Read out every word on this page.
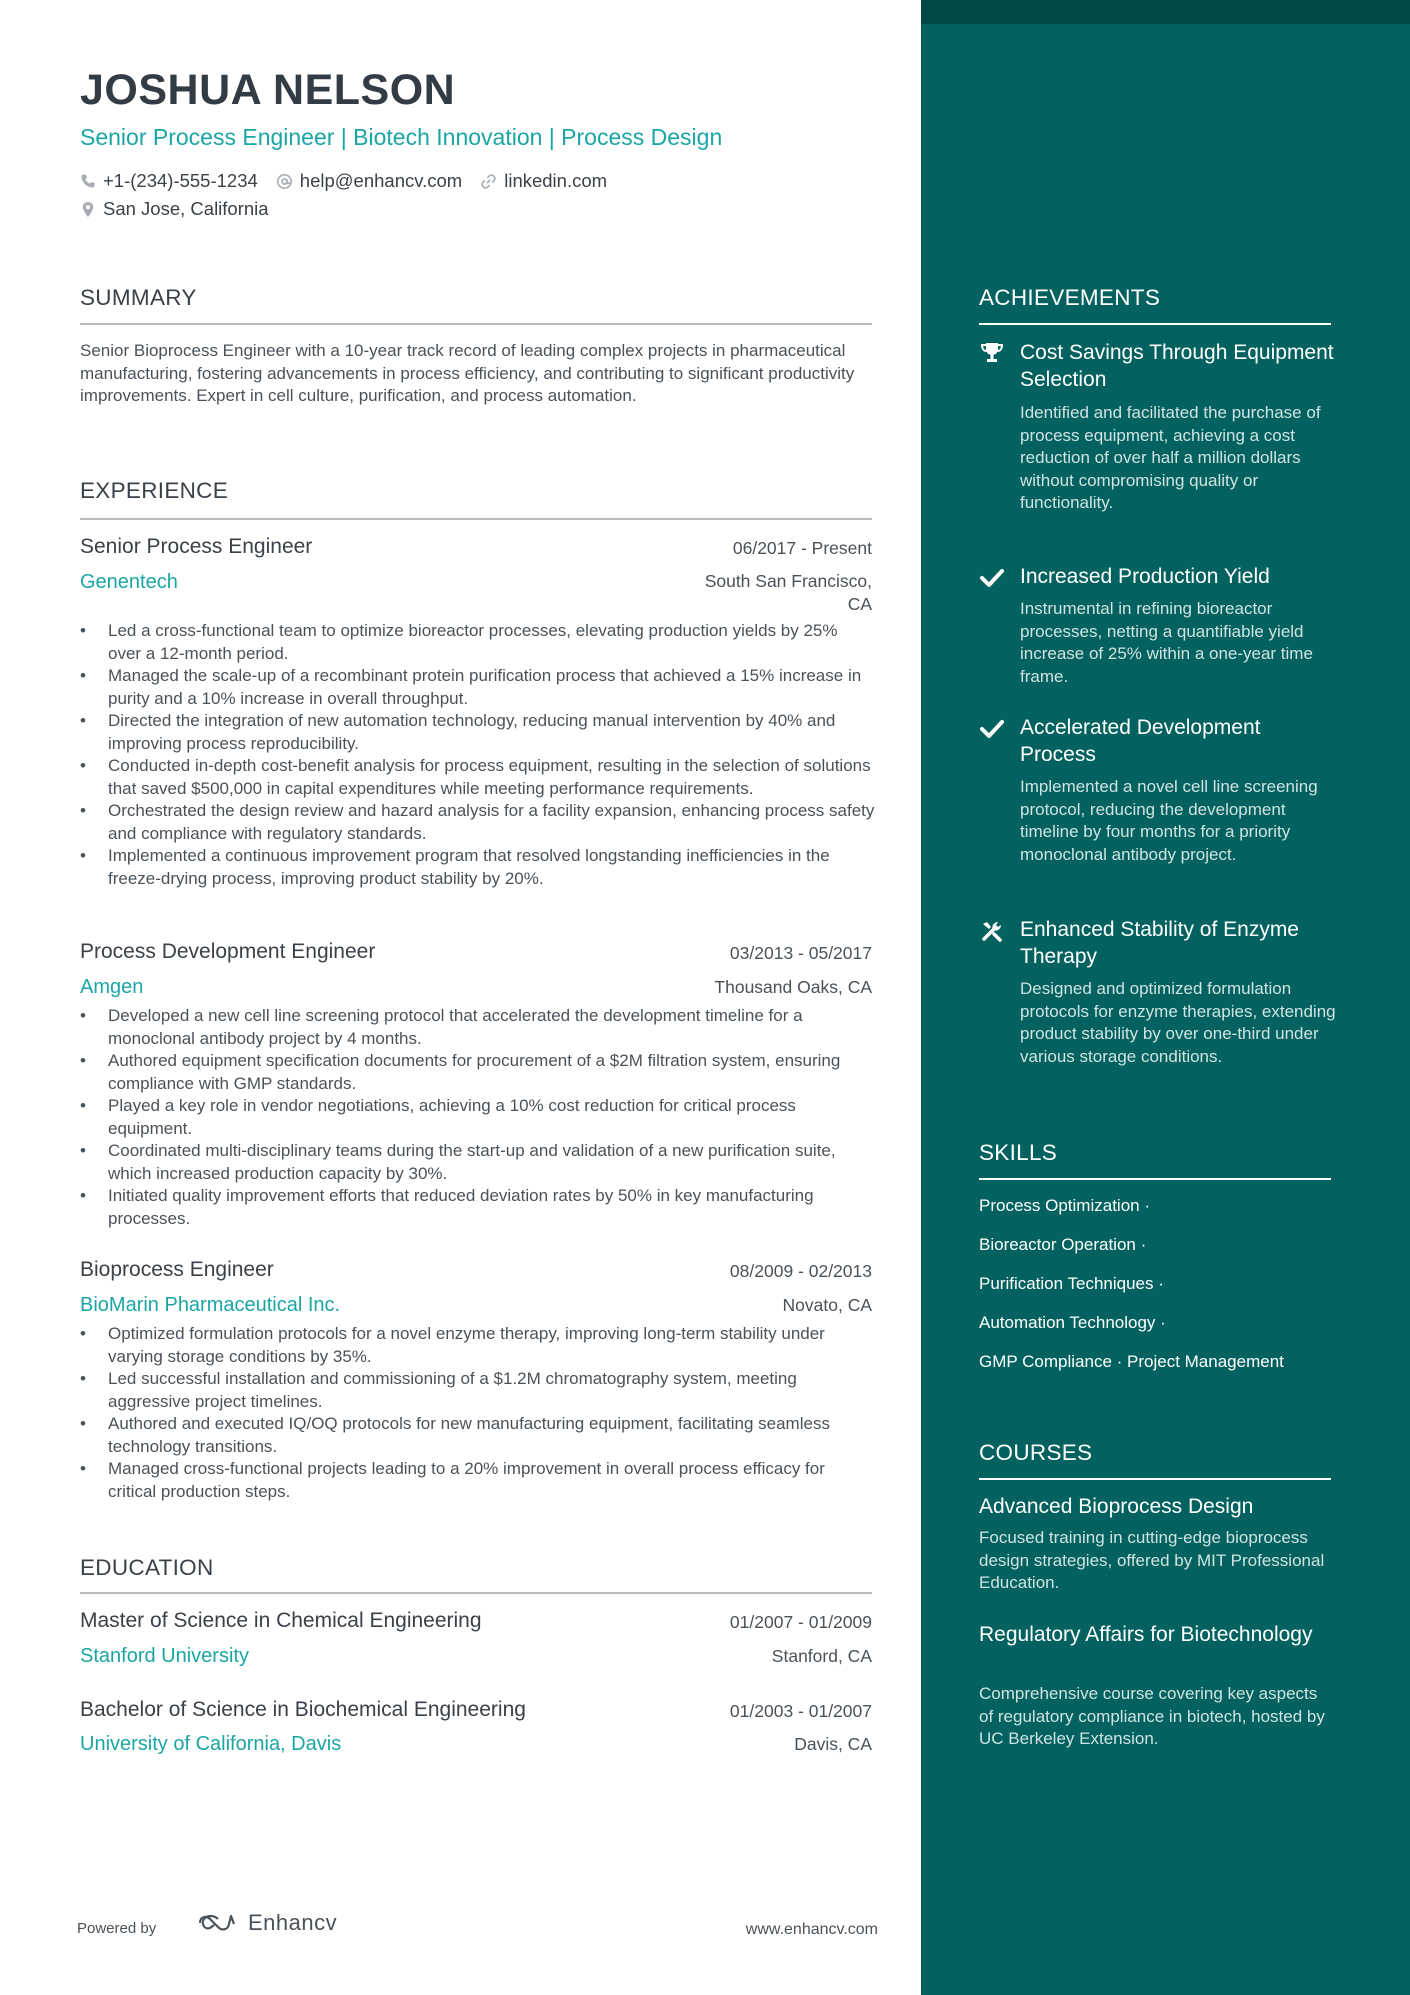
JOSHUA NELSON
Senior Process Engineer | Biotech Innovation | Process Design
+1-(234)-555-1234 help@enhancv.com linkedin.com
San Jose, California
SUMMARY
Senior Bioprocess Engineer with a 10-year track record of leading complex projects in pharmaceutical manufacturing, fostering advancements in process efficiency, and contributing to significant productivity improvements. Expert in cell culture, purification, and process automation.
EXPERIENCE
Senior Process Engineer	06/2017 - Present
Genentech	South San Francisco,
CA
• Led a cross-functional team to optimize bioreactor processes, elevating production yields by 25% over a 12-month period.
• Managed the scale-up of a recombinant protein purification process that achieved a 15% increase in purity and a 10% increase in overall throughput.
• Directed the integration of new automation technology, reducing manual intervention by 40% and improving process reproducibility.
• Conducted in-depth cost-benefit analysis for process equipment, resulting in the selection of solutions that saved $500,000 in capital expenditures while meeting performance requirements.
• Orchestrated the design review and hazard analysis for a facility expansion, enhancing process safety and compliance with regulatory standards.
• Implemented a continuous improvement program that resolved longstanding inefficiencies in the freeze-drying process, improving product stability by 20%.
Process Development Engineer	03/2013 - 05/2017
Amgen	Thousand Oaks, CA
• Developed a new cell line screening protocol that accelerated the development timeline for a monoclonal antibody project by 4 months.
• Authored equipment specification documents for procurement of a $2M filtration system, ensuring compliance with GMP standards.
• Played a key role in vendor negotiations, achieving a 10% cost reduction for critical process equipment.
• Coordinated multi-disciplinary teams during the start-up and validation of a new purification suite, which increased production capacity by 30%.
• Initiated quality improvement efforts that reduced deviation rates by 50% in key manufacturing processes.
Bioprocess Engineer	08/2009 - 02/2013
BioMarin Pharmaceutical Inc.	Novato, CA
• Optimized formulation protocols for a novel enzyme therapy, improving long-term stability under varying storage conditions by 35%.
• Led successful installation and commissioning of a $1.2M chromatography system, meeting aggressive project timelines.
• Authored and executed IQ/OQ protocols for new manufacturing equipment, facilitating seamless technology transitions.
• Managed cross-functional projects leading to a 20% improvement in overall process efficacy for critical production steps.
EDUCATION
Master of Science in Chemical Engineering	01/2007 - 01/2009
Stanford University	Stanford, CA
Bachelor of Science in Biochemical Engineering	01/2003 - 01/2007
University of California, Davis	Davis, CA
Powered by	Enhancv	www.enhancv.com
ACHIEVEMENTS
Cost Savings Through Equipment Selection
Identified and facilitated the purchase of process equipment, achieving a cost reduction of over half a million dollars without compromising quality or functionality.
Increased Production Yield
Instrumental in refining bioreactor processes, netting a quantifiable yield increase of 25% within a one-year time frame.
Accelerated Development Process
Implemented a novel cell line screening protocol, reducing the development timeline by four months for a priority monoclonal antibody project.
Enhanced Stability of Enzyme Therapy
Designed and optimized formulation protocols for enzyme therapies, extending product stability by over one-third under various storage conditions.
SKILLS
Process Optimization ·
Bioreactor Operation ·
Purification Techniques ·
Automation Technology ·
GMP Compliance · Project Management
COURSES
Advanced Bioprocess Design
Focused training in cutting-edge bioprocess design strategies, offered by MIT Professional Education.
Regulatory Affairs for Biotechnology
Comprehensive course covering key aspects of regulatory compliance in biotech, hosted by UC Berkeley Extension.
